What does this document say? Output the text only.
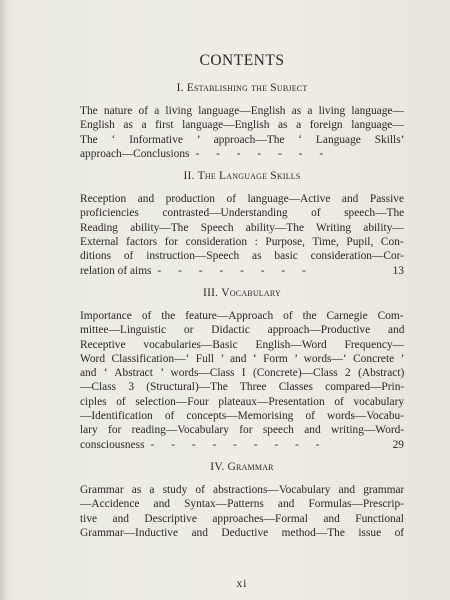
CONTENTS
I. Establishing the Subject
The nature of a living language—English as a living language—
English as a first language—English as a foreign language—
The ‘ Informative ’ approach—The ‘ Language Skills’
approach—Conclusions - - - - - - -
II. The Language Skills
Reception and production of language—Active and Passive
proficiencies contrasted—Understanding of speech—The
Reading ability—The Speech ability—The Writing ability—
External factors for consideration : Purpose, Time, Pupil, Con-
ditions of instruction—Speech as basic consideration—Cor-
relation of aims - - - - - - - -	13
III. Vocabulary
Importance of the feature—Approach of the Carnegie Com-
mittee—Linguistic or Didactic approach—Productive and
Receptive vocabularies—Basic English—Word Frequency—
Word Classification—‘ Full ’ and ‘ Form ’ words—‘ Concrete ’
and ‘ Abstract ’ words—Class I (Concrete)—Class 2 (Abstract)
—Class 3 (Structural)—The Three Classes compared—Prin-
ciples of selection—Four plateaux—Presentation of vocabulary
—Identification of concepts—Memorising of words—Vocabu-
lary for reading—Vocabulary for speech and writing—Word-
consciousness - - - - - - - - -	29
IV. Grammar
Grammar as a study of abstractions—Vocabulary and grammar
—Accidence and Syntax—Patterns and Formulas—Prescrip-
tive and Descriptive approaches—Formal and Functional
Grammar—Inductive and Deductive method—The issue of
xi
